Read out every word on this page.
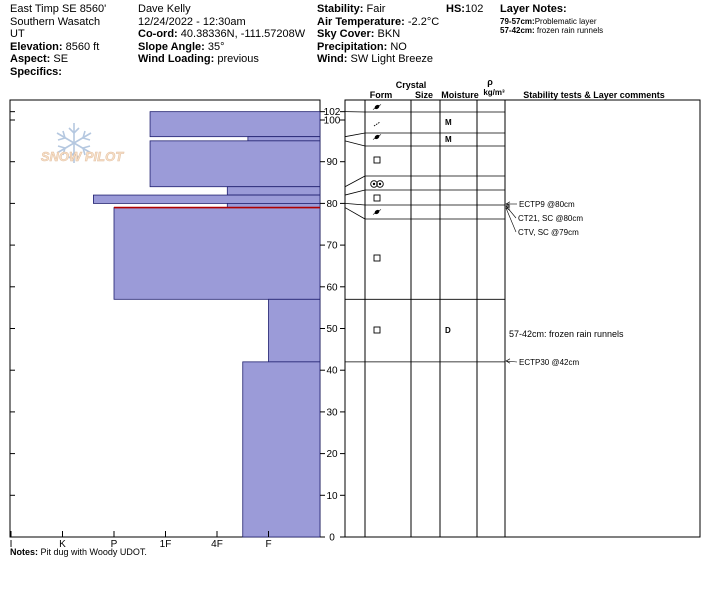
East Timp SE 8560'
Southern Wasatch
UT
Elevation: 8560 ft
Aspect: SE
Specifics:
Dave Kelly
12/24/2022 - 12:30am
Co-ord: 40.38336N, -111.57208W
Slope Angle: 35°
Wind Loading: previous
Stability: Fair
Air Temperature: -2.2°C
Sky Cover: BKN
Precipitation: NO
Wind: SW Light Breeze
HS:102 Layer Notes:
79-57cm:Problematic layer
57-42cm: frozen rain runnels
I	K	P	1F	4F	F
0
10
20
30
40
50
60
70
80
90
100
102
SNOW PILOT
M
M
D
ECTP9 @80cm
CT21, SC @80cm
CTV, SC @79cm
57-42cm: frozen rain runnels
ECTP30 @42cm
Crystal
Form	Size Moisture
ρ
kg/m³ Stability tests & Layer comments
Notes: Pit dug with Woody UDOT.
